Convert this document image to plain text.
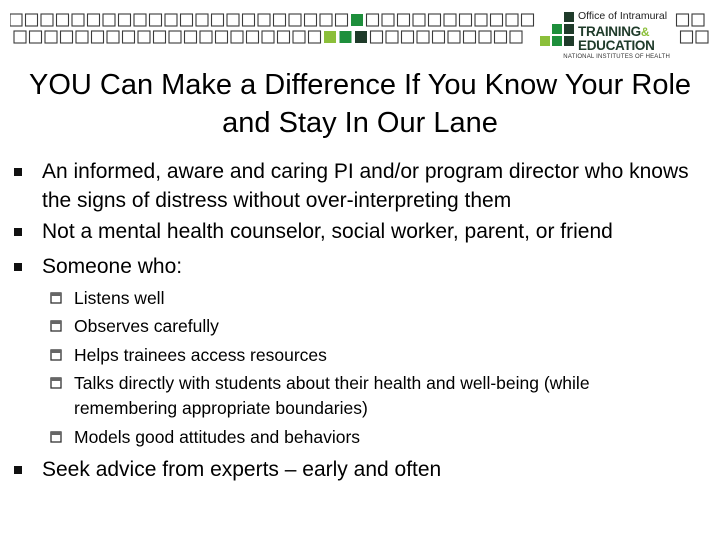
Office of Intramural
TRAINING&
EDUCATION
NATIONAL INSTITUTES OF HEALTH
YOU Can Make a Difference If You Know Your Role and Stay In Our Lane
An informed, aware and caring PI and/or program director who knows the signs of distress without over-interpreting them
Not a mental health counselor, social worker, parent, or friend
Someone who:
Listens well
Observes carefully
Helps trainees access resources
Talks directly with students about their health and well-being (while remembering appropriate boundaries)
Models good attitudes and behaviors
Seek advice from experts – early and often
